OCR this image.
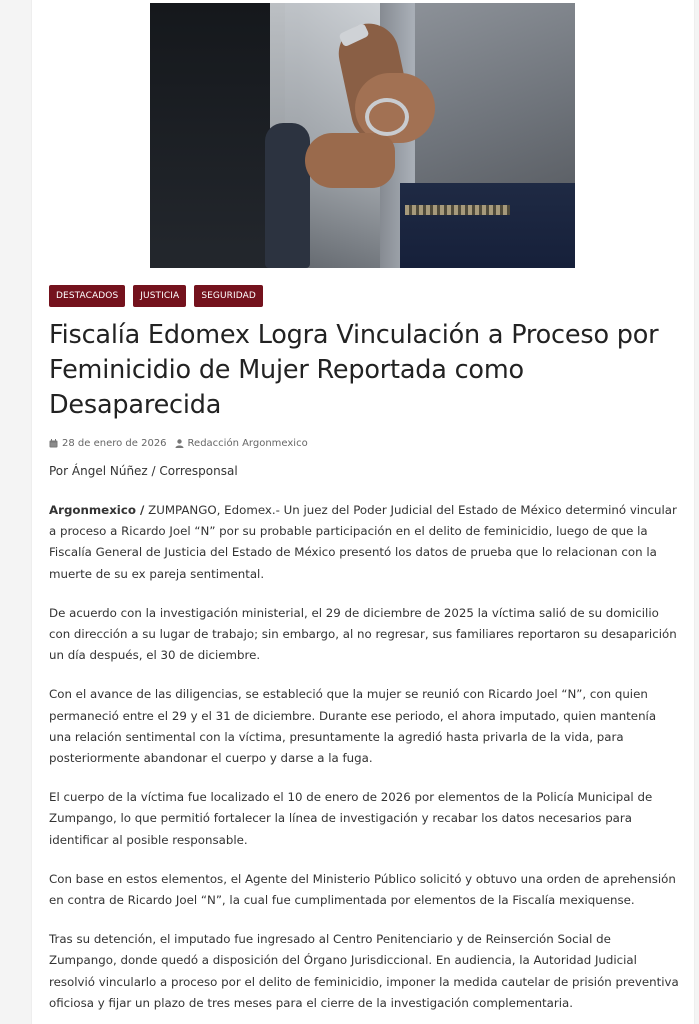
DESTACADOS	JUSTICIA	SEGURIDAD
Fiscalía Edomex Logra Vinculación a Proceso por Feminicidio de Mujer Reportada como Desaparecida
28 de enero de 2026 Redacción Argonmexico
Por Ángel Núñez / Corresponsal

Argonmexico / ZUMPANGO, Edomex.- Un juez del Poder Judicial del Estado de México determinó vincular a proceso a Ricardo Joel “N” por su probable participación en el delito de feminicidio, luego de que la Fiscalía General de Justicia del Estado de México presentó los datos de prueba que lo relacionan con la muerte de su ex pareja sentimental.

De acuerdo con la investigación ministerial, el 29 de diciembre de 2025 la víctima salió de su domicilio con dirección a su lugar de trabajo; sin embargo, al no regresar, sus familiares reportaron su desaparición un día después, el 30 de diciembre.

Con el avance de las diligencias, se estableció que la mujer se reunió con Ricardo Joel “N”, con quien permaneció entre el 29 y el 31 de diciembre. Durante ese periodo, el ahora imputado, quien mantenía una relación sentimental con la víctima, presuntamente la agredió hasta privarla de la vida, para posteriormente abandonar el cuerpo y darse a la fuga.

El cuerpo de la víctima fue localizado el 10 de enero de 2026 por elementos de la Policía Municipal de Zumpango, lo que permitió fortalecer la línea de investigación y recabar los datos necesarios para identificar al posible responsable.

Con base en estos elementos, el Agente del Ministerio Público solicitó y obtuvo una orden de aprehensión en contra de Ricardo Joel “N”, la cual fue cumplimentada por elementos de la Fiscalía mexiquense.

Tras su detención, el imputado fue ingresado al Centro Penitenciario y de Reinserción Social de Zumpango, donde quedó a disposición del Órgano Jurisdiccional. En audiencia, la Autoridad Judicial resolvió vincularlo a proceso por el delito de feminicidio, imponer la medida cautelar de prisión preventiva oficiosa y fijar un plazo de tres meses para el cierre de la investigación complementaria.
